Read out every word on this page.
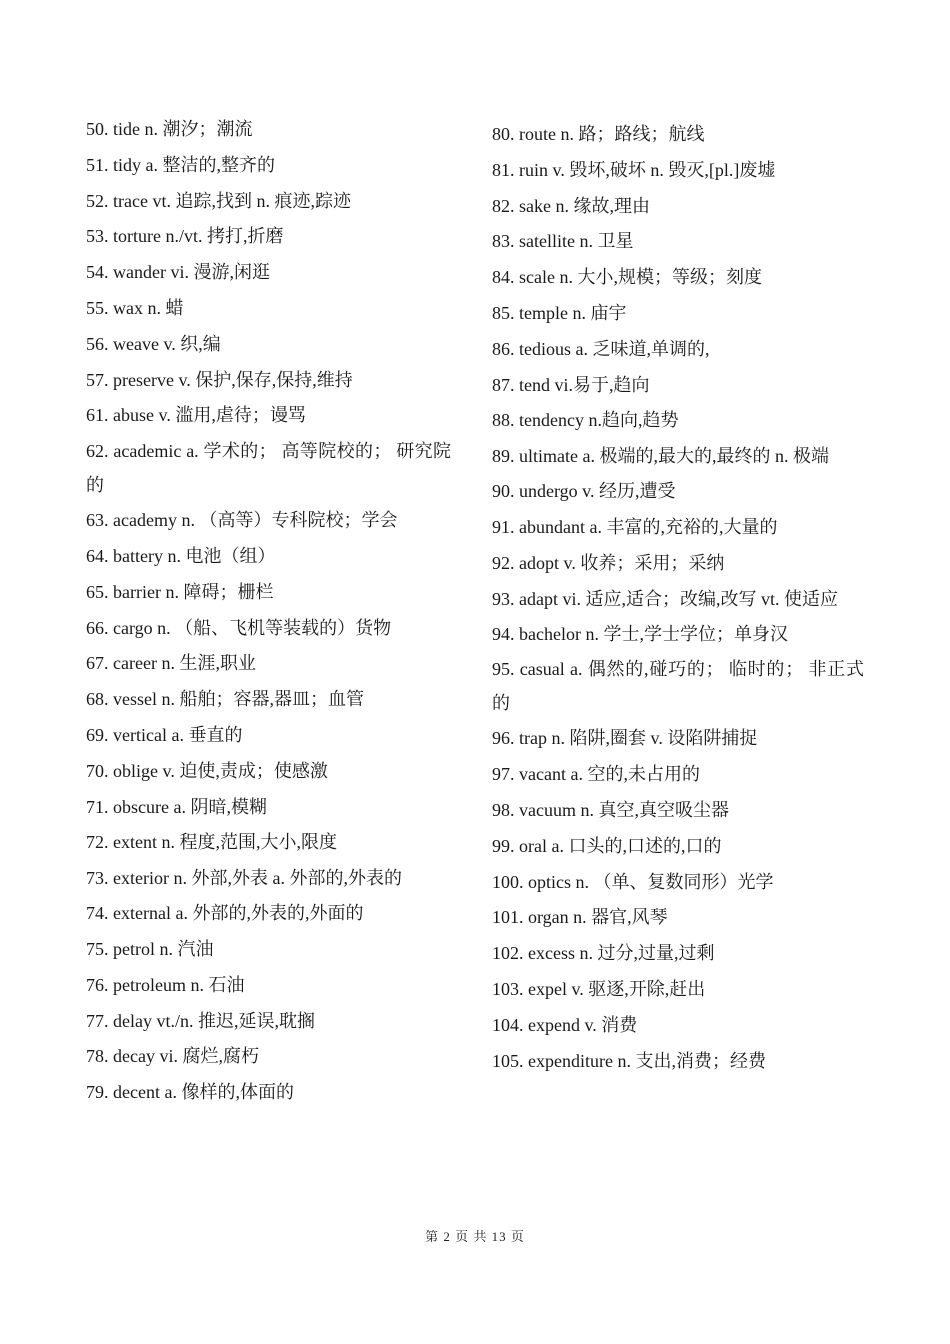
50. tide n. 潮汐；潮流

51. tidy a. 整洁的,整齐的

52. trace vt. 追踪,找到 n. 痕迹,踪迹

53. torture n./vt. 拷打,折磨

54. wander vi. 漫游,闲逛

55. wax n. 蜡

56. weave v. 织,编

57. preserve v. 保护,保存,保持,维持

61. abuse v. 滥用,虐待；谩骂

62. academic a. 学术的； 高等院校的； 研究院的

63. academy n. （高等）专科院校；学会

64. battery n. 电池（组）

65. barrier n. 障碍；栅栏

66. cargo n. （船、飞机等装载的）货物

67. career n. 生涯,职业

68. vessel n. 船舶；容器,器皿；血管

69. vertical a. 垂直的

70. oblige v. 迫使,责成；使感激

71. obscure a. 阴暗,模糊

72. extent n. 程度,范围,大小,限度

73. exterior n. 外部,外表 a. 外部的,外表的

74. external a. 外部的,外表的,外面的

75. petrol n. 汽油

76. petroleum n. 石油

77. delay vt./n. 推迟,延误,耽搁

78. decay vi. 腐烂,腐朽

79. decent a. 像样的,体面的

80. route n. 路；路线；航线

81. ruin v. 毁坏,破坏 n. 毁灭,[pl.]废墟

82. sake n. 缘故,理由

83. satellite n. 卫星

84. scale n. 大小,规模；等级；刻度

85. temple n. 庙宇

86. tedious a. 乏味道,单调的,

87. tend vi.易于,趋向

88. tendency n.趋向,趋势

89. ultimate a. 极端的,最大的,最终的 n. 极端

90. undergo v. 经历,遭受

91. abundant a. 丰富的,充裕的,大量的

92. adopt v. 收养；采用；采纳

93. adapt vi. 适应,适合；改编,改写 vt. 使适应

94. bachelor n. 学士,学士学位；单身汉

95. casual a. 偶然的,碰巧的； 临时的； 非正式的

96. trap n. 陷阱,圈套 v. 设陷阱捕捉

97. vacant a. 空的,未占用的

98. vacuum n. 真空,真空吸尘器

99. oral a. 口头的,口述的,口的

100. optics n. （单、复数同形）光学

101. organ n. 器官,风琴

102. excess n. 过分,过量,过剩

103. expel v. 驱逐,开除,赶出

104. expend v. 消费

105. expenditure n. 支出,消费；经费

第 2 页 共 13 页
